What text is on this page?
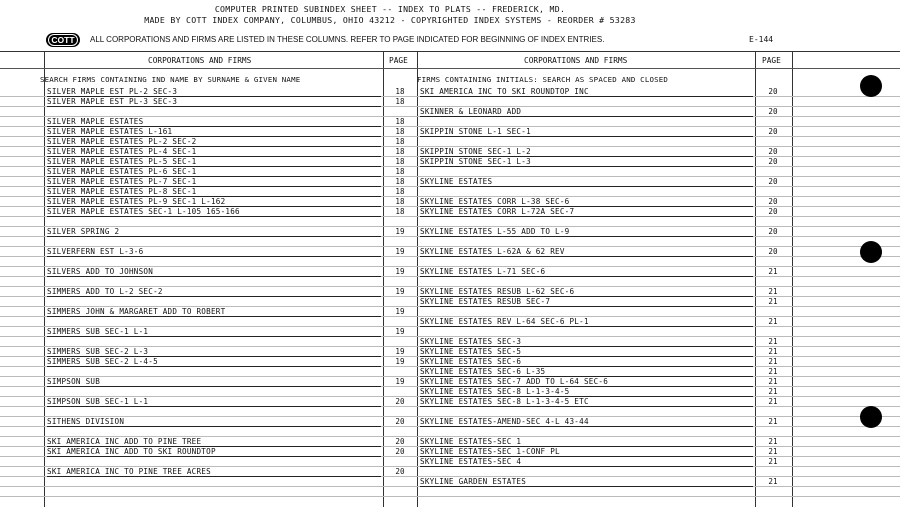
COMPUTER PRINTED SUBINDEX SHEET -- INDEX TO PLATS -- FREDERICK, MD.
MADE BY COTT INDEX COMPANY, COLUMBUS, OHIO 43212 - COPYRIGHTED INDEX SYSTEMS - REORDER # 53283
COTT	ALL CORPORATIONS AND FIRMS ARE LISTED IN THESE COLUMNS. REFER TO PAGE INDICATED FOR BEGINNING OF INDEX ENTRIES.	E-144
CORPORATIONS AND FIRMS	PAGE	CORPORATIONS AND FIRMS	PAGE
SEARCH FIRMS CONTAINING IND NAME BY SURNAME & GIVEN NAME	FIRMS CONTAINING INITIALS: SEARCH AS SPACED AND CLOSED
SILVER MAPLE EST PL-2 SEC-3	18
SILVER MAPLE EST PL-3 SEC-3	18
SILVER MAPLE ESTATES	18
SILVER MAPLE ESTATES L-161	18
SILVER MAPLE ESTATES PL-2 SEC-2	18
SILVER MAPLE ESTATES PL-4 SEC-1	18
SILVER MAPLE ESTATES PL-5 SEC-1	18
SILVER MAPLE ESTATES PL-6 SEC-1	18
SILVER MAPLE ESTATES PL-7 SEC-1	18
SILVER MAPLE ESTATES PL-8 SEC-1	18
SILVER MAPLE ESTATES PL-9 SEC-1 L-162	18
SILVER MAPLE ESTATES SEC-1 L-105 165-166	18
SILVER SPRING 2	19
SILVERFERN EST L-3-6	19
SILVERS ADD TO JOHNSON	19
SIMMERS ADD TO L-2 SEC-2	19
SIMMERS JOHN & MARGARET ADD TO ROBERT	19
SIMMERS SUB SEC-1 L-1	19
SIMMERS SUB SEC-2 L-3	19
SIMMERS SUB SEC-2 L-4-5	19
SIMPSON SUB	19
SIMPSON SUB SEC-1 L-1	20
SITHENS DIVISION	20
SKI AMERICA INC ADD TO PINE TREE	20
SKI AMERICA INC ADD TO SKI ROUNDTOP	20
SKI AMERICA INC TO PINE TREE ACRES	20
SKI AMERICA INC TO SKI ROUNDTOP INC	20
SKINNER & LEONARD ADD	20
SKIPPIN STONE L-1 SEC-1	20
SKIPPIN STONE SEC-1 L-2	20
SKIPPIN STONE SEC-1 L-3	20
SKYLINE ESTATES	20
SKYLINE ESTATES CORR L-38 SEC-6	20
SKYLINE ESTATES CORR L-72A SEC-7	20
SKYLINE ESTATES L-55 ADD TO L-9	20
SKYLINE ESTATES L-62A & 62 REV	20
SKYLINE ESTATES L-71 SEC-6	21
SKYLINE ESTATES RESUB L-62 SEC-6	21
SKYLINE ESTATES RESUB SEC-7	21
SKYLINE ESTATES REV L-64 SEC-6 PL-1	21
SKYLINE ESTATES SEC-3	21
SKYLINE ESTATES SEC-5	21
SKYLINE ESTATES SEC-6	21
SKYLINE ESTATES SEC-6 L-35	21
SKYLINE ESTATES SEC-7 ADD TO L-64 SEC-6	21
SKYLINE ESTATES SEC-8 L-1-3-4-5	21
SKYLINE ESTATES SEC-8 L-1-3-4-5 ETC	21
SKYLINE ESTATES-AMEND-SEC 4-L 43-44	21
SKYLINE ESTATES-SEC 1	21
SKYLINE ESTATES-SEC 1-CONF PL	21
SKYLINE ESTATES-SEC 4	21
SKYLINE GARDEN ESTATES	21
